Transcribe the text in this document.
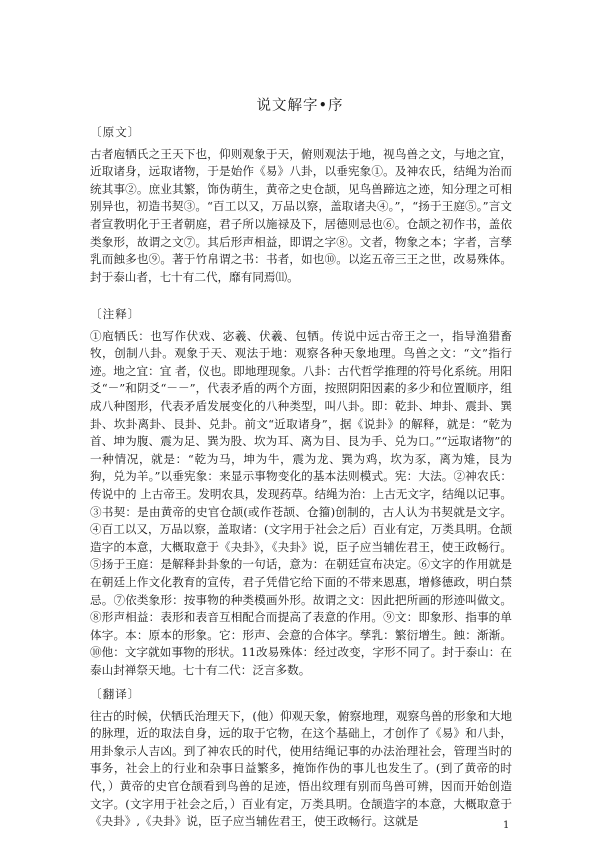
说文解字•序
〔原文〕

古者庖牺氏之王天下也，仰则观象于天，俯则观法于地，视鸟兽之文，与地之宜，近取诸身，远取诸物，于是始作《易》八卦，以垂宪象①。及神农氏，结绳为治而统其事②。庶业其繁，饰伪萌生，黄帝之史仓颉，见鸟兽蹄迒之迹，知分理之可相别异也，初造书契③。“百工以又，万品以察，盖取诸夬④。”，“扬于王庭⑤。”言文者宣教明化于王者朝庭，君子所以施禄及下，居德则忌也⑥。仓颉之初作书，盖依类象形，故谓之文⑦。其后形声相益，即谓之字⑧。文者，物象之本；字者，言孳乳而蝕多也⑨。著于竹帛谓之书：书者，如也⑩。以迄五帝三王之世，改易殊体。封于泰山者，七十有二代，靡有同焉⑾。

〔注释〕

①庖牺氏：也写作伏戏、宓羲、伏羲、包牺。传说中远古帝王之一，指导渔猎畜牧，创制八卦。观象于天、观法于地：观察各种天象地理。鸟兽之文：“文”指行迹。地之宜：宜 者，仪也。即地理现象。八卦：古代哲学推理的符号化系统。用阳爻“－”和阴爻“－－”，代表矛盾的两个方面，按照阴阳因素的多少和位置顺序，组成八种图形，代表矛盾发展变化的八种类型，叫八卦。即：乾卦、坤卦、震卦、巽卦、坎卦离卦、艮卦、兑卦。前文“近取诸身”，据《说卦》的解释，就是：“乾为首、坤为腹、震为足、巽为股、坎为耳、离为目、艮为手、兑为口。”“远取诸物”的一种情况，就是：“乾为马，坤为牛，震为龙、巽为鸡，坎为豕，离为雉，艮为狗，兑为羊。”以垂宪象：来显示事物变化的基本法则模式。宪：大法。②神农氏：传说中的 上古帝王。发明农具，发现药草。结绳为治：上古无文字，结绳以记事。③书契：是由黄帝的史官仓颉(或作苍颉、仓籀)创制的，古人认为书契就是文字。④百工以又，万品以察，盖取诸：(文字用于社会之后）百业有定，万类具明。仓颉造字的本意，大概取意于《夬卦》，《夬卦》说，臣子应当辅佐君王，使王政畅行。⑤扬于王庭：是解释卦卦象的一句话，意为：在朝廷宣布决定。⑥文字的作用就是在朝廷上作文化教育的宣传，君子凭借它给下面的不带来恩惠，增修德政，明白禁忌。⑦依类象形：按事物的种类模画外形。故谓之文：因此把所画的形迹叫做文。⑧形声相益：表形和表音互相配合而提高了表意的作用。⑨文：即象形、指事的单体字。本：原本的形象。它：形声、会意的合体字。孳乳：繁衍增生。蝕：渐渐。⑩他：文字就如事物的形状。11改易殊体：经过改变，字形不同了。封于泰山：在泰山封禅祭天地。七十有二代：泛言多数。

〔翻译〕

往古的时候，伏牺氏治理天下，(他）仰观天象，俯察地理，观察鸟兽的形象和大地的脉理，近的取法自身，远的取于它物，在这个基础上，才创作了《易》和八卦，用卦象示人吉凶。到了神农氏的时代，使用结绳记事的办法治理社会，管理当时的事务，社会上的行业和杂事日益繁多，掩饰作伪的事儿也发生了。(到了黄帝的时代，）黄帝的史官仓颉看到鸟兽的足迹，悟出纹理有别而鸟兽可辨，因而开始创造文字。(文字用于社会之后，）百业有定，万类具明。仓颉造字的本意，大概取意于《夬卦》,《夬卦》说，臣子应当辅佐君王，使王政畅行。这就是	1
